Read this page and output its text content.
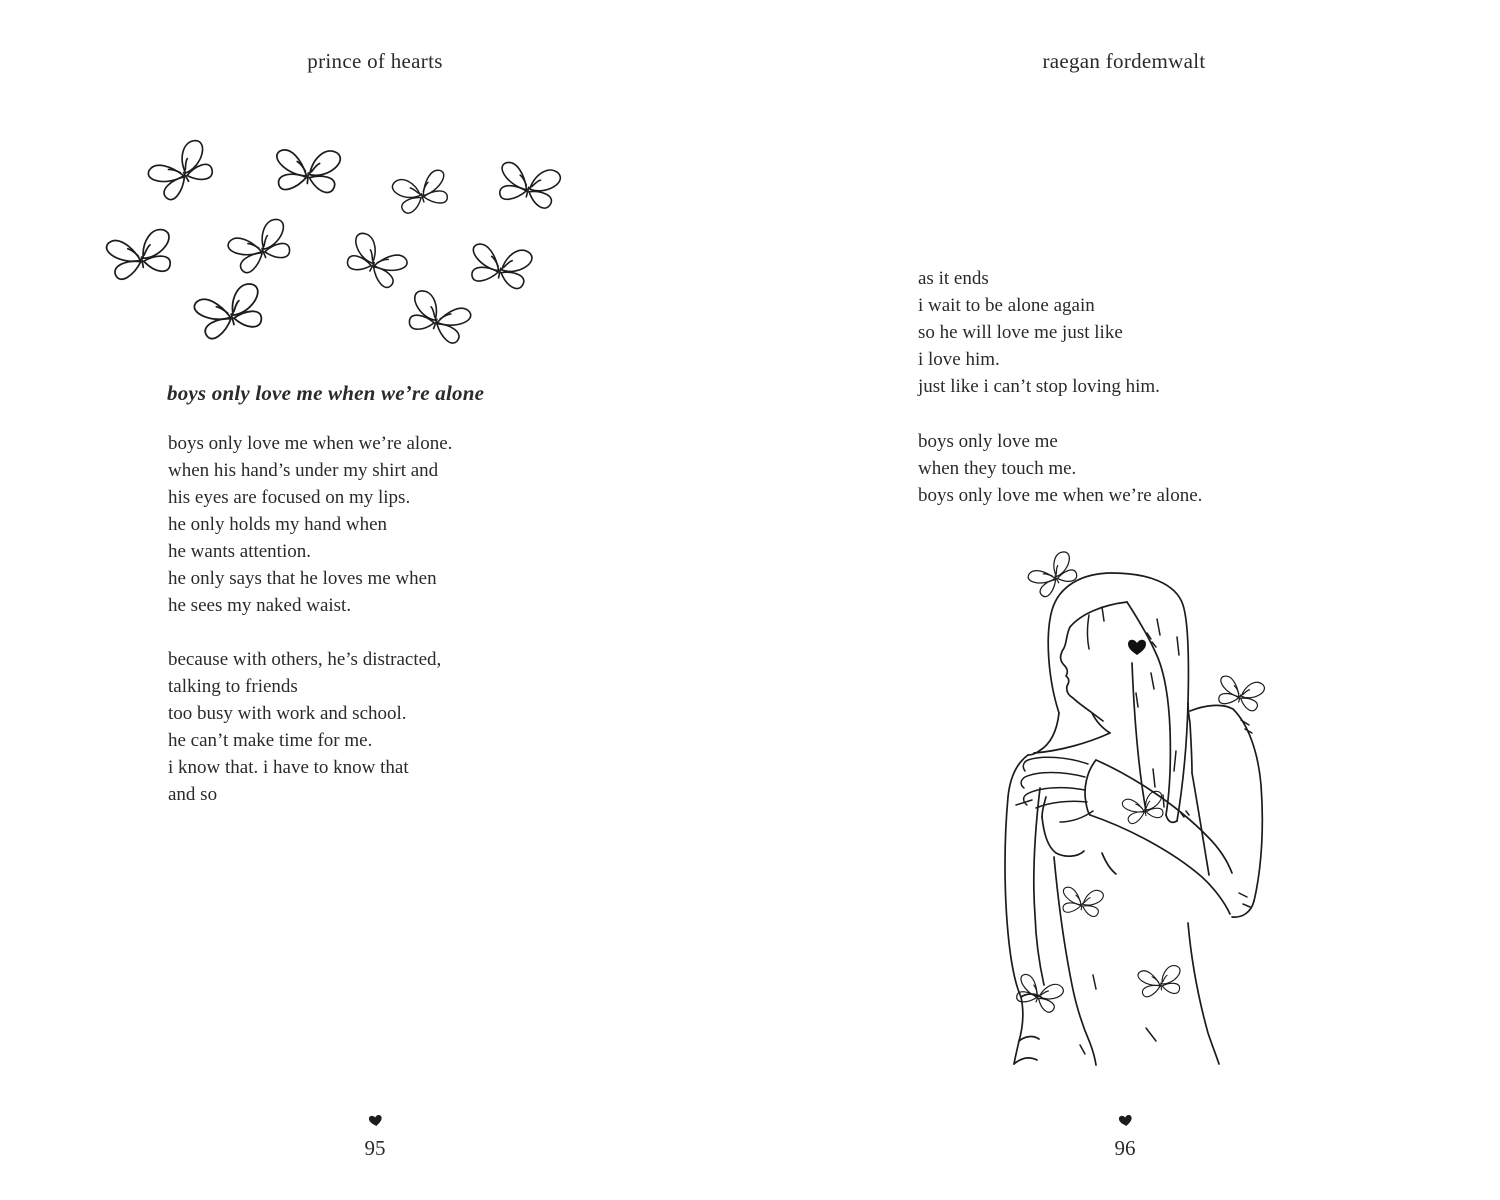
prince of hearts
boys only love me when we’re alone
boys only love me when we’re alone.
when his hand’s under my shirt and
his eyes are focused on my lips.
he only holds my hand when
he wants attention.
he only says that he loves me when
he sees my naked waist.
because with others, he’s distracted,
talking to friends
too busy with work and school.
he can’t make time for me.
i know that. i have to know that
and so
95
raegan fordemwalt
as it ends
i wait to be alone again
so he will love me just like
i love him.
just like i can’t stop loving him.
boys only love me
when they touch me.
boys only love me when we’re alone.
96
